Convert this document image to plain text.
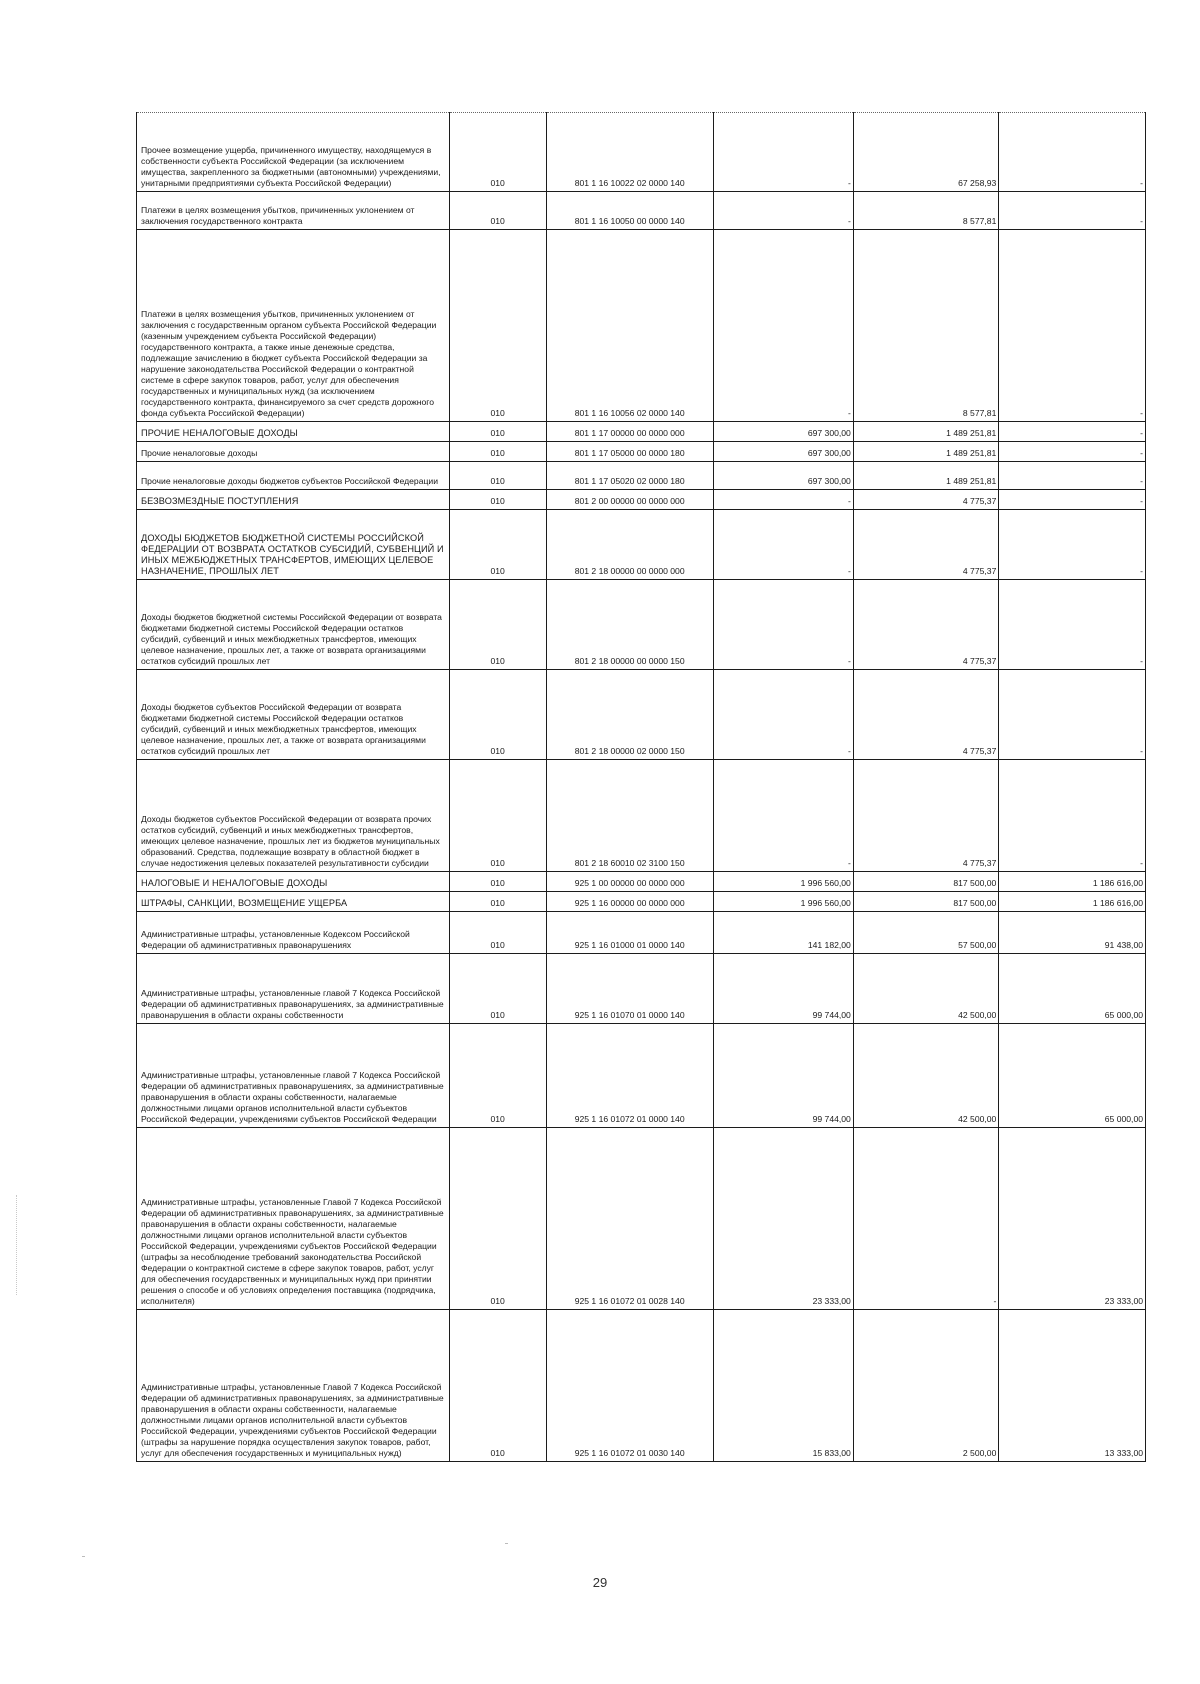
Прочее возмещение ущерба, причиненного имуществу, находящемуся в собственности субъекта Российской Федерации (за исключением имущества, закрепленного за бюджетными (автономными) учреждениями, унитарными предприятиями субъекта Российской Федерации)	010	801 1 16 10022 02 0000 140	-	67 258,93	-

Платежи в целях возмещения убытков, причиненных уклонением от заключения государственного контракта	010	801 1 16 10050 00 0000 140	-	8 577,81	-

Платежи в целях возмещения убытков, причиненных уклонением от заключения с государственным органом субъекта Российской Федерации (казенным учреждением субъекта Российской Федерации) государственного контракта, а также иные денежные средства, подлежащие зачислению в бюджет субъекта Российской Федерации за нарушение законодательства Российской Федерации о контрактной системе в сфере закупок товаров, работ, услуг для обеспечения государственных и муниципальных нужд (за исключением государственного контракта, финансируемого за счет средств дорожного фонда субъекта Российской Федерации)	010	801 1 16 10056 02 0000 140	-	8 577,81	-

ПРОЧИЕ НЕНАЛОГОВЫЕ ДОХОДЫ	010	801 1 17 00000 00 0000 000	697 300,00	1 489 251,81	-

Прочие неналоговые доходы	010	801 1 17 05000 00 0000 180	697 300,00	1 489 251,81	-

Прочие неналоговые доходы бюджетов субъектов Российской Федерации	010	801 1 17 05020 02 0000 180	697 300,00	1 489 251,81	-

БЕЗВОЗМЕЗДНЫЕ ПОСТУПЛЕНИЯ	010	801 2 00 00000 00 0000 000	-	4 775,37	-

ДОХОДЫ БЮДЖЕТОВ БЮДЖЕТНОЙ СИСТЕМЫ РОССИЙСКОЙ ФЕДЕРАЦИИ ОТ ВОЗВРАТА ОСТАТКОВ СУБСИДИЙ, СУБВЕНЦИЙ И ИНЫХ МЕЖБЮДЖЕТНЫХ ТРАНСФЕРТОВ, ИМЕЮЩИХ ЦЕЛЕВОЕ НАЗНАЧЕНИЕ, ПРОШЛЫХ ЛЕТ	010	801 2 18 00000 00 0000 000	-	4 775,37	-

Доходы бюджетов бюджетной системы Российской Федерации от возврата бюджетами бюджетной системы Российской Федерации остатков субсидий, субвенций и иных межбюджетных трансфертов, имеющих целевое назначение, прошлых лет, а также от возврата организациями остатков субсидий прошлых лет	010	801 2 18 00000 00 0000 150	-	4 775,37	-

Доходы бюджетов субъектов Российской Федерации от возврата бюджетами бюджетной системы Российской Федерации остатков субсидий, субвенций и иных межбюджетных трансфертов, имеющих целевое назначение, прошлых лет, а также от возврата организациями остатков субсидий прошлых лет	010	801 2 18 00000 02 0000 150	-	4 775,37	-

Доходы бюджетов субъектов Российской Федерации от возврата прочих остатков субсидий, субвенций и иных межбюджетных трансфертов, имеющих целевое назначение, прошлых лет из бюджетов муниципальных образований. Средства, подлежащие возврату в областной бюджет в случае недостижения целевых показателей результативности субсидии	010	801 2 18 60010 02 3100 150	-	4 775,37	-

НАЛОГОВЫЕ И НЕНАЛОГОВЫЕ ДОХОДЫ	010	925 1 00 00000 00 0000 000	1 996 560,00	817 500,00	1 186 616,00

ШТРАФЫ, САНКЦИИ, ВОЗМЕЩЕНИЕ УЩЕРБА	010	925 1 16 00000 00 0000 000	1 996 560,00	817 500,00	1 186 616,00

Административные штрафы, установленные Кодексом Российской Федерации об административных правонарушениях	010	925 1 16 01000 01 0000 140	141 182,00	57 500,00	91 438,00

Административные штрафы, установленные главой 7 Кодекса Российской Федерации об административных правонарушениях, за административные правонарушения в области охраны собственности	010	925 1 16 01070 01 0000 140	99 744,00	42 500,00	65 000,00

Административные штрафы, установленные главой 7 Кодекса Российской Федерации об административных правонарушениях, за административные правонарушения в области охраны собственности, налагаемые должностными лицами органов исполнительной власти субъектов Российской Федерации, учреждениями субъектов Российской Федерации	010	925 1 16 01072 01 0000 140	99 744,00	42 500,00	65 000,00

Административные штрафы, установленные Главой 7 Кодекса Российской Федерации об административных правонарушениях, за административные правонарушения в области охраны собственности, налагаемые должностными лицами органов исполнительной власти субъектов Российской Федерации, учреждениями субъектов Российской Федерации (штрафы за несоблюдение требований законодательства Российской Федерации о контрактной системе в сфере закупок товаров, работ, услуг для обеспечения государственных и муниципальных нужд при принятии решения о способе и об условиях определения поставщика (подрядчика, исполнителя)	010	925 1 16 01072 01 0028 140	23 333,00	-	23 333,00

Административные штрафы, установленные Главой 7 Кодекса Российской Федерации об административных правонарушениях, за административные правонарушения в области охраны собственности, налагаемые должностными лицами органов исполнительной власти субъектов Российской Федерации, учреждениями субъектов Российской Федерации (штрафы за нарушение порядка осуществления закупок товаров, работ, услуг для обеспечения государственных и муниципальных нужд)	010	925 1 16 01072 01 0030 140	15 833,00	2 500,00	13 333,00
29
